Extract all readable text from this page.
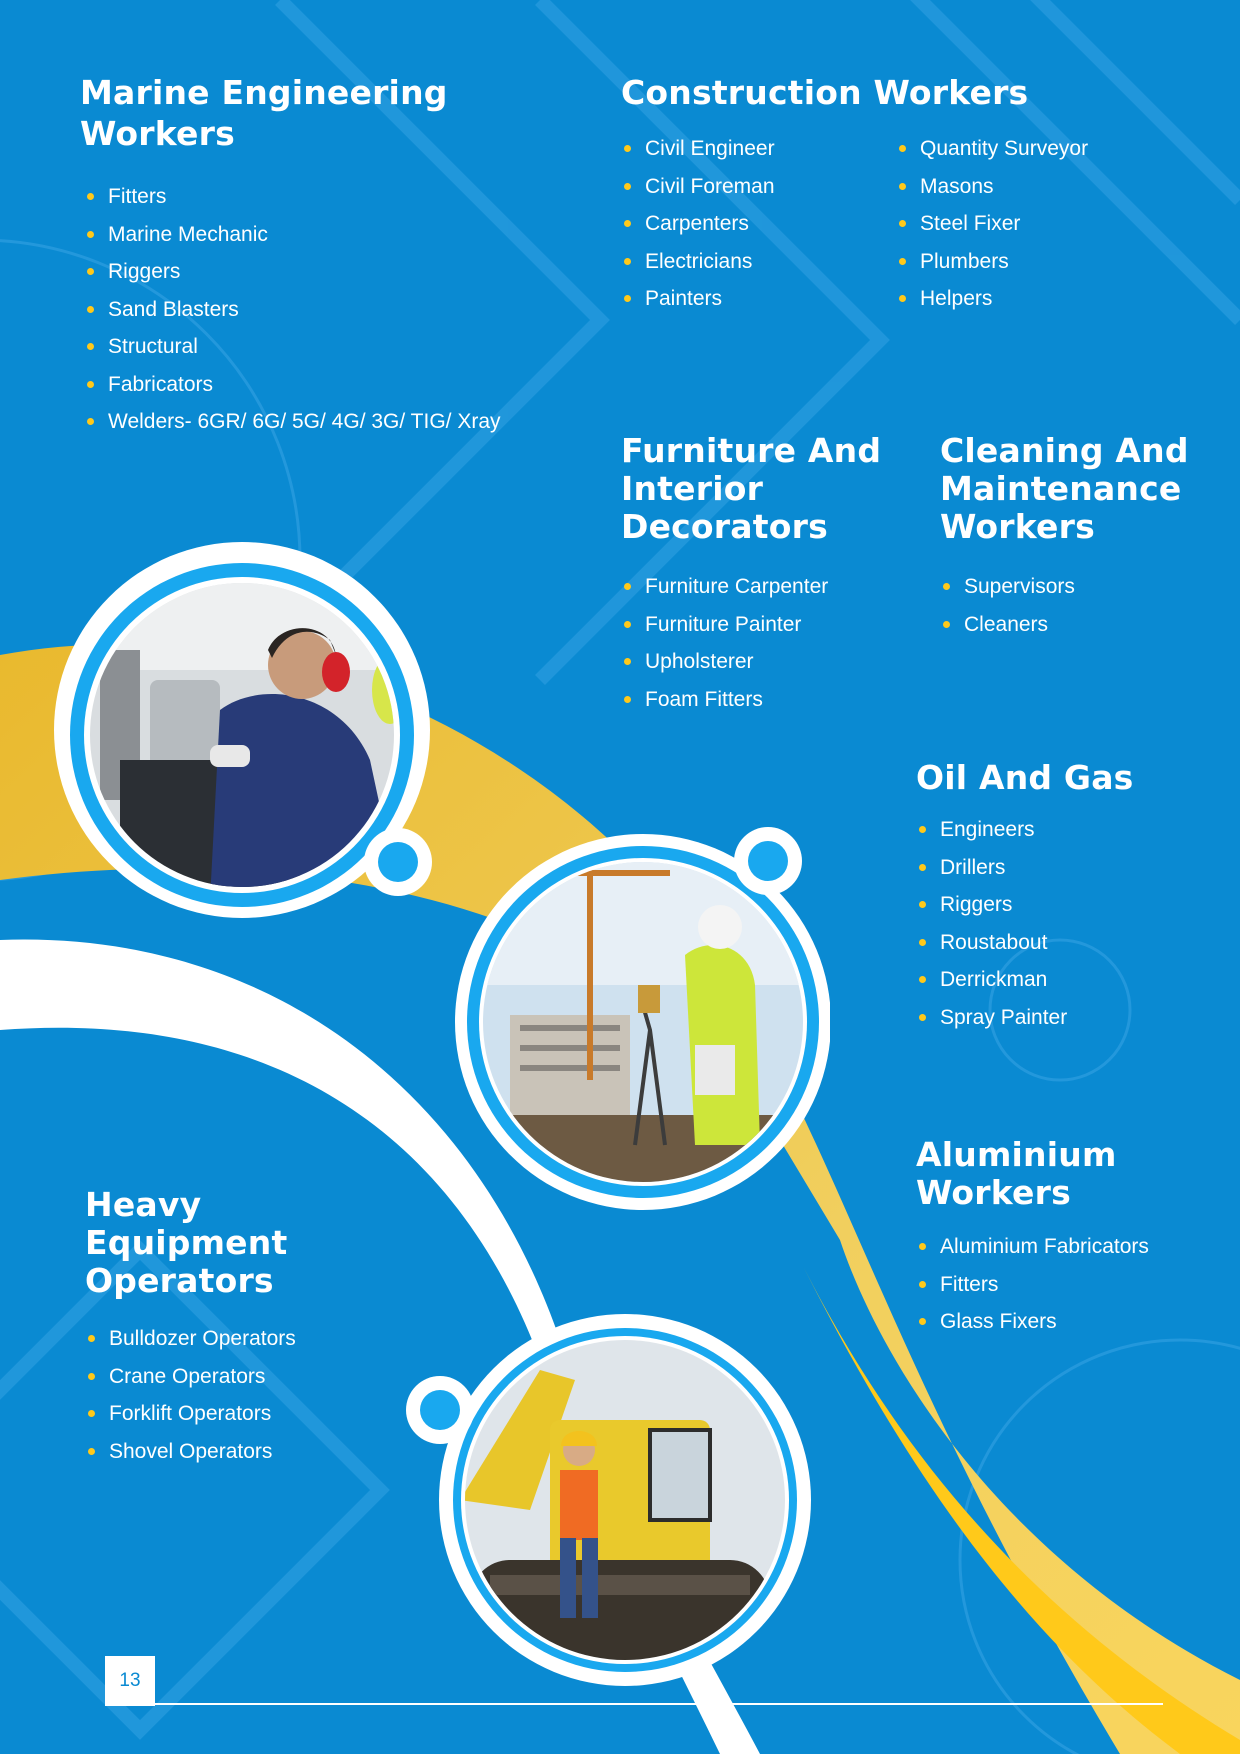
Marine Engineering Workers
Fitters
Marine Mechanic
Riggers
Sand Blasters
Structural
Fabricators
Welders- 6GR/ 6G/ 5G/ 4G/ 3G/ TIG/ Xray
Construction Workers
Civil Engineer
Civil Foreman
Carpenters
Electricians
Painters
Quantity Surveyor
Masons
Steel Fixer
Plumbers
Helpers
Furniture And Interior Decorators
Furniture Carpenter
Furniture Painter
Upholsterer
Foam Fitters
Cleaning And Maintenance Workers
Supervisors
Cleaners
Oil And Gas
Engineers
Drillers
Riggers
Roustabout
Derrickman
Spray Painter
Aluminium Workers
Aluminium Fabricators
Fitters
Glass Fixers
Heavy Equipment Operators
Bulldozer Operators
Crane Operators
Forklift Operators
Shovel Operators
13
